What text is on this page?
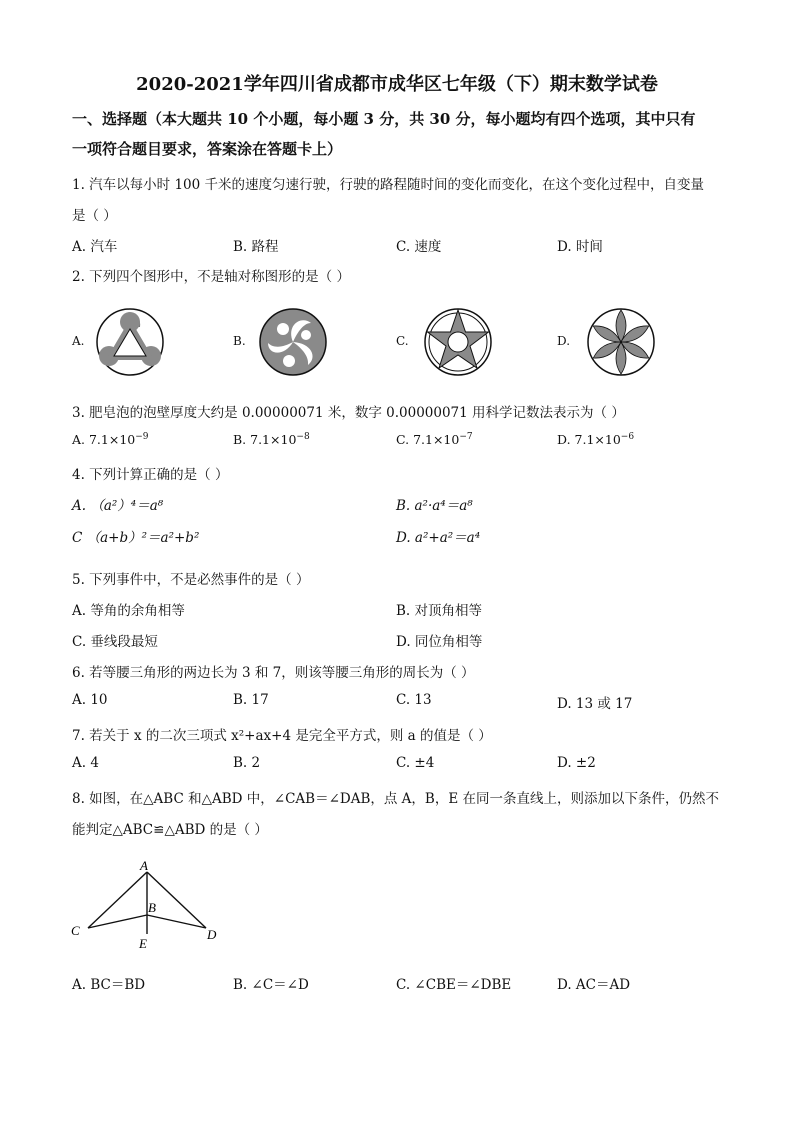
2020-2021学年四川省成都市成华区七年级（下）期末数学试卷
一、选择题（本大题共 10 个小题，每小题 3 分，共 30 分，每小题均有四个选项，其中只有
一项符合题目要求，答案涂在答题卡上）
1. 汽车以每小时 100 千米的速度匀速行驶，行驶的路程随时间的变化而变化，在这个变化过程中，自变量
是（ ）
A. 汽车	B. 路程	C. 速度	D. 时间
2. 下列四个图形中，不是轴对称图形的是（ ）
A.	B.	C.	D.
3. 肥皂泡的泡壁厚度大约是 0.00000071 米，数字 0.00000071 用科学记数法表示为（ ）
A. $7.1\times 10^{-9}$	B. $7.1\times 10^{-8}$	C. $7.1\times 10^{-7}$	D. $7.1\times 10^{-6}$
4. 下列计算正确的是（ ）
A. （a²）⁴＝a⁸	B. a²·a⁴＝a⁸
C （a+b）²＝a²+b²	D. a²+a²＝a⁴
5. 下列事件中，不是必然事件的是（ ）
A. 等角的余角相等	B. 对顶角相等
C. 垂线段最短	D. 同位角相等
6. 若等腰三角形的两边长为 3 和 7，则该等腰三角形的周长为（ ）
A. 10	B. 17	C. 13	D. 13 或 17
7. 若关于 x 的二次三项式 x²+ax+4 是完全平方式，则 a 的值是（ ）
A. 4	B. 2	C. ±4	D. ±2
8. 如图，在△ABC 和△ABD 中，∠CAB＝∠DAB，点 A，B，E 在同一条直线上，则添加以下条件，仍然不
能判定△ABC≌△ABD 的是（ ）
A
B
C	D
E
A. BC＝BD	B. ∠C＝∠D	C. ∠CBE＝∠DBE	D. AC＝AD
